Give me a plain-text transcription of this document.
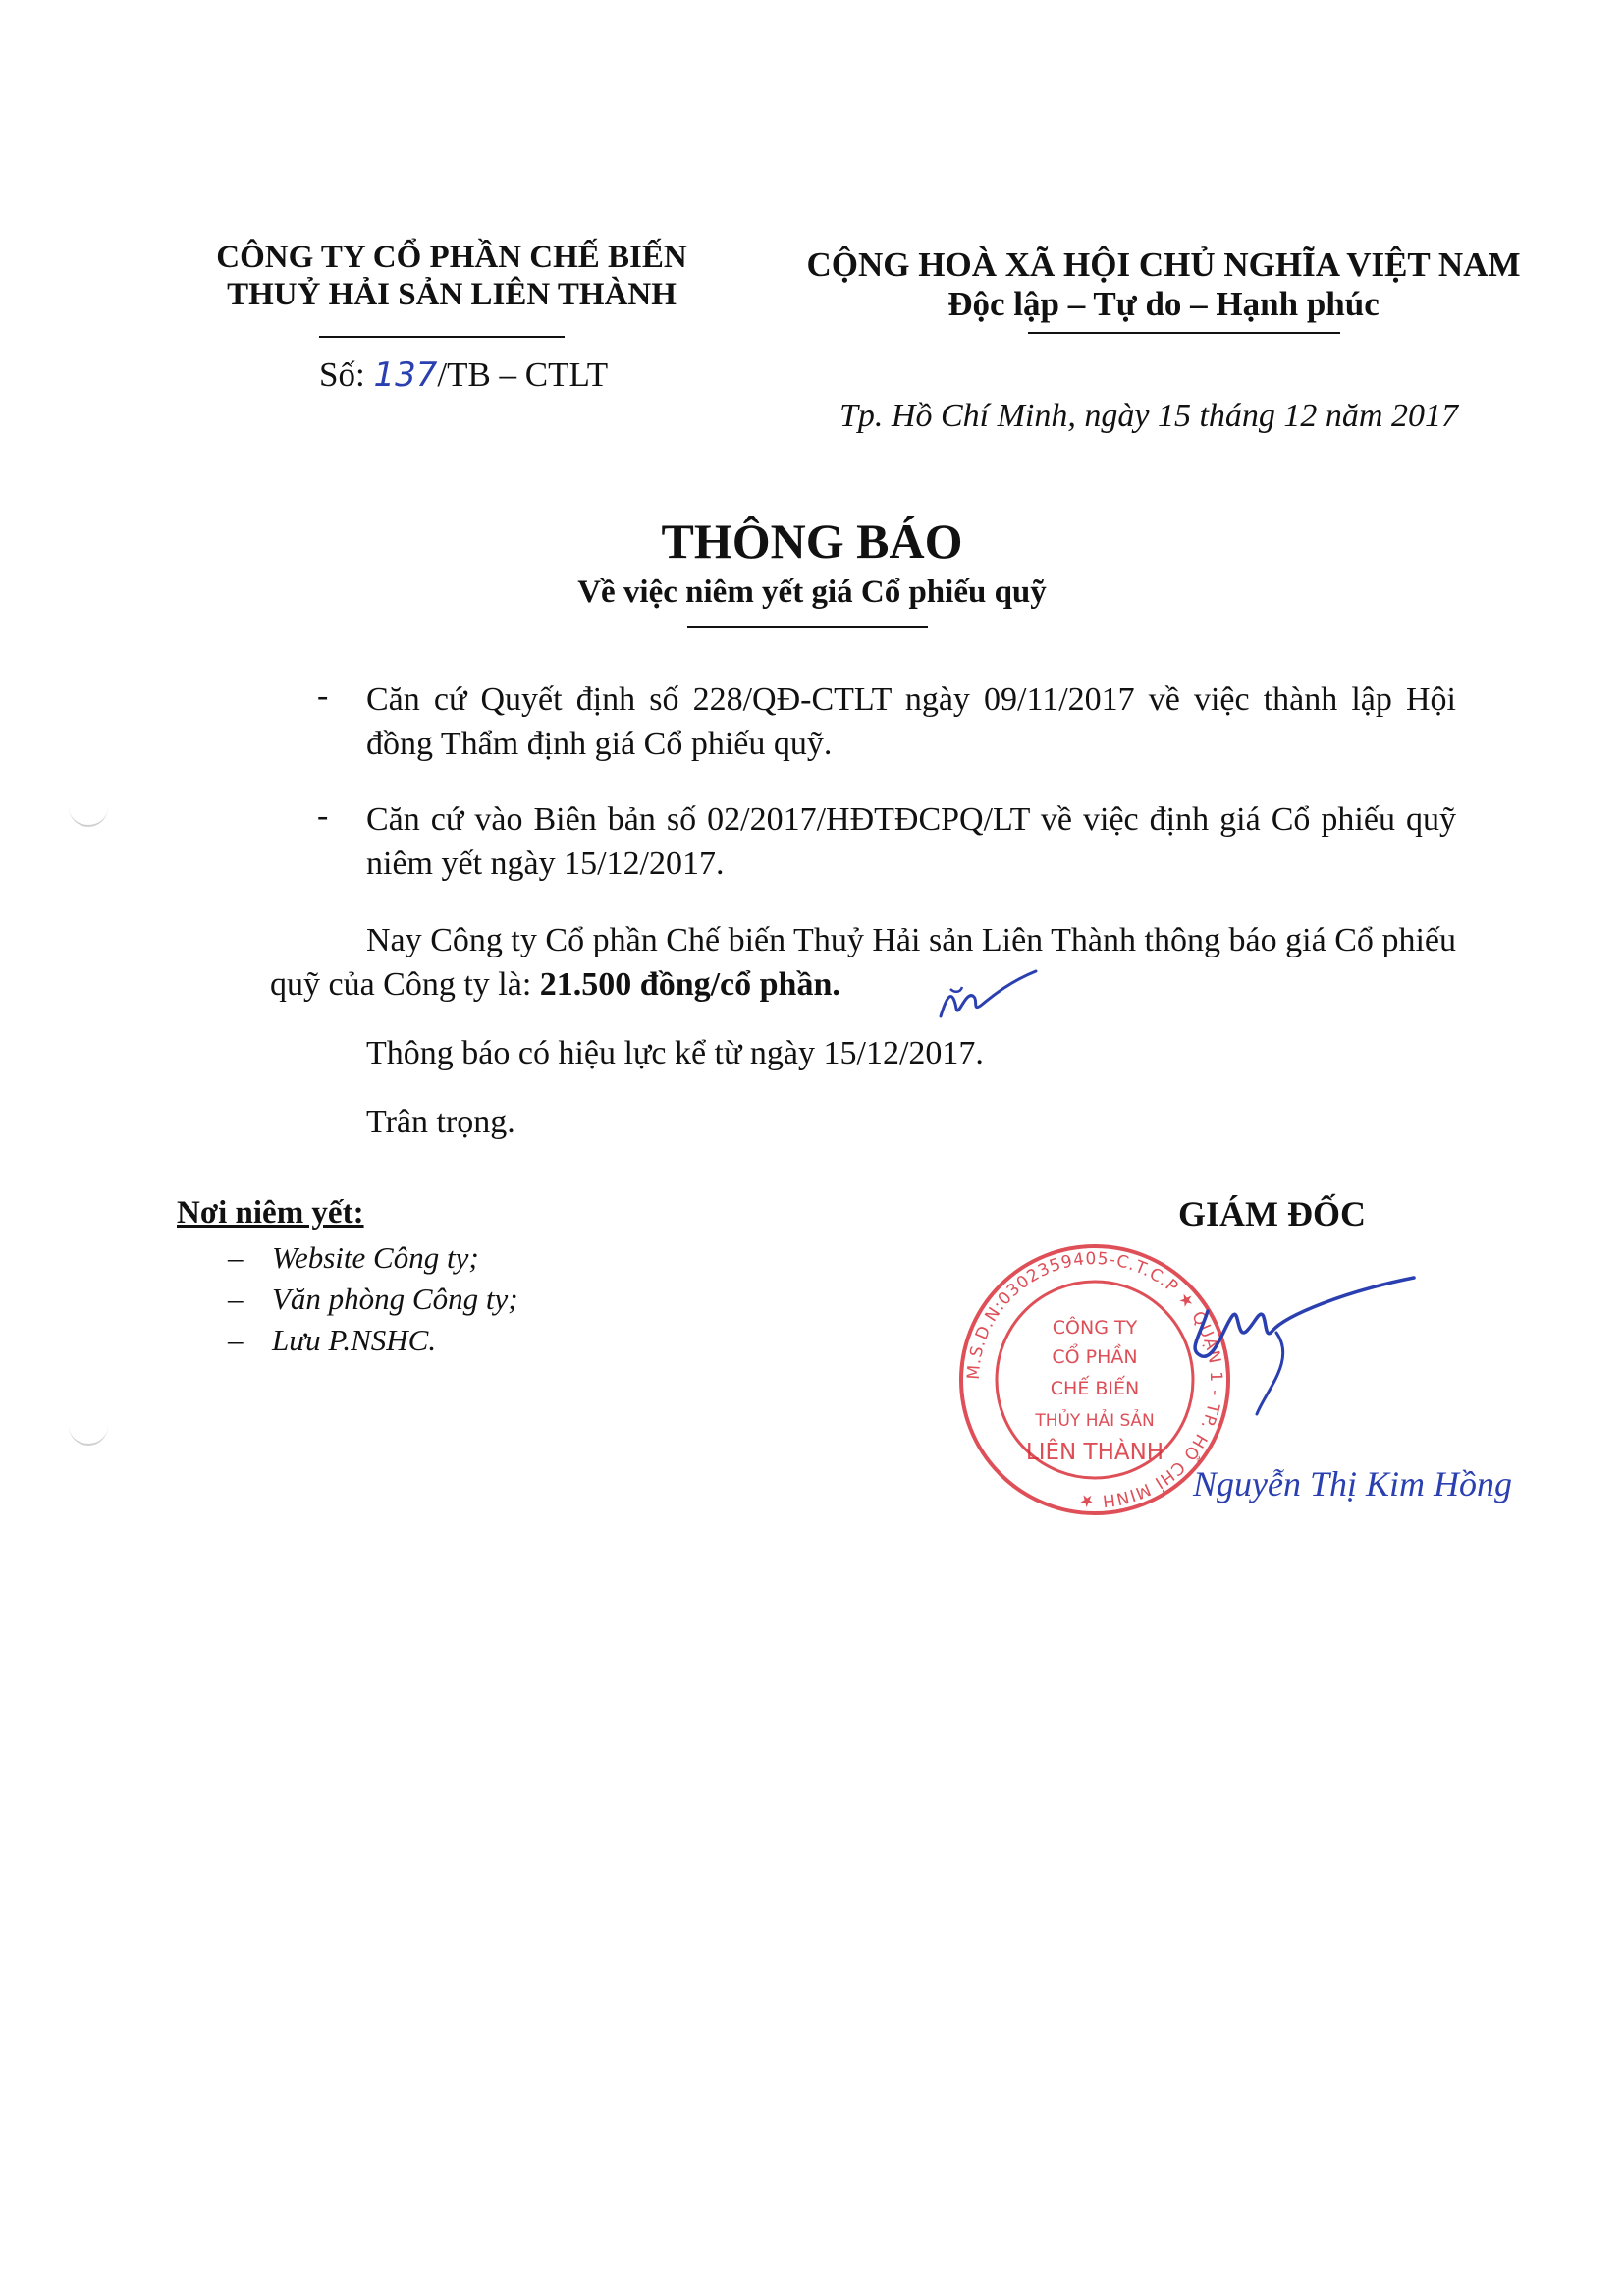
CÔNG TY CỔ PHẦN CHẾ BIẾN
THUỶ HẢI SẢN LIÊN THÀNH
Số: 137/TB – CTLT
CỘNG HOÀ XÃ HỘI CHỦ NGHĨA VIỆT NAM
Độc lập – Tự do – Hạnh phúc
Tp. Hồ Chí Minh, ngày 15 tháng 12 năm 2017
THÔNG BÁO
Về việc niêm yết giá Cổ phiếu quỹ
- Căn cứ Quyết định số 228/QĐ-CTLT ngày 09/11/2017 về việc thành lập Hội đồng Thẩm định giá Cổ phiếu quỹ.
- Căn cứ vào Biên bản số 02/2017/HĐTĐCPQ/LT về việc định giá Cổ phiếu quỹ niêm yết ngày 15/12/2017.
Nay Công ty Cổ phần Chế biến Thuỷ Hải sản Liên Thành thông báo giá Cổ phiếu quỹ của Công ty là: 21.500 đồng/cổ phần.
Thông báo có hiệu lực kể từ ngày 15/12/2017.
Trân trọng.
Nơi niêm yết:
– Website Công ty;
– Văn phòng Công ty;
– Lưu P.NSHC.
GIÁM ĐỐC
M.S.D.N:0302359405-C.T.C.P ★ QUẬN 1 - TP. HỒ CHÍ MINH ★
CÔNG TY
CỔ PHẦN
CHẾ BIẾN
THỦY HẢI SẢN
LIÊN THÀNH
Nguyễn Thị Kim Hồng
